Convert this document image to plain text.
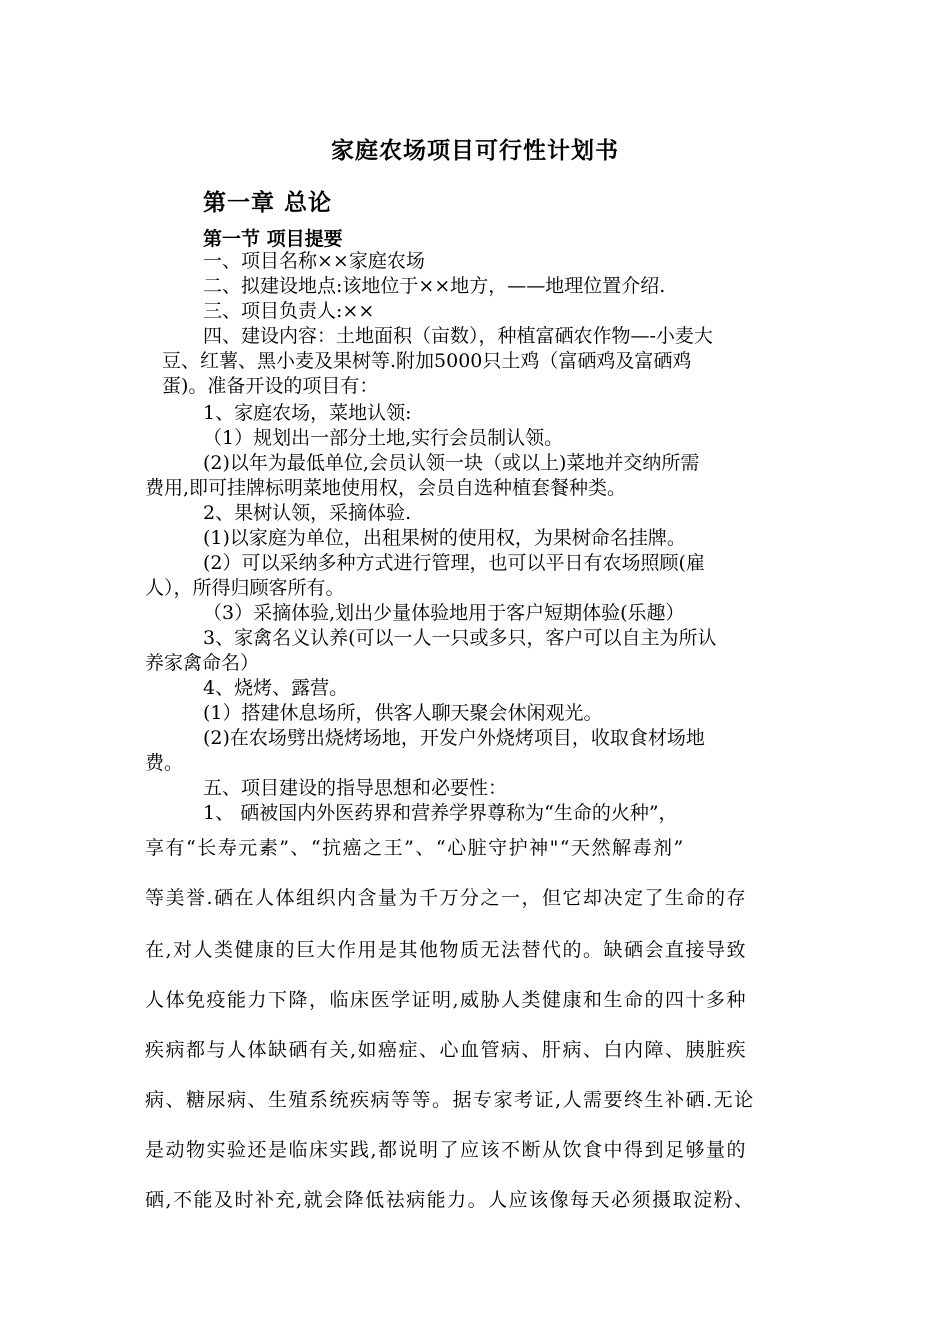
家庭农场项目可行性计划书
第一章 总论
第一节 项目提要
一、项目名称××家庭农场
二、拟建设地点:该地位于××地方，——地理位置介绍.
三、项目负责人:××
四、建设内容：土地面积（亩数），种植富硒农作物—-小麦大
豆、红薯、黑小麦及果树等.附加5000只土鸡（富硒鸡及富硒鸡
蛋)。准备开设的项目有：
1、家庭农场，菜地认领:
（1）规划出一部分土地,实行会员制认领。
(2)以年为最低单位,会员认领一块（或以上)菜地并交纳所需
费用,即可挂牌标明菜地使用权，会员自选种植套餐种类。
2、果树认领，采摘体验.
(1)以家庭为单位，出租果树的使用权，为果树命名挂牌。
(2）可以采纳多种方式进行管理，也可以平日有农场照顾(雇
人），所得归顾客所有。
（3）采摘体验,划出少量体验地用于客户短期体验(乐趣）
3、家禽名义认养(可以一人一只或多只，客户可以自主为所认
养家禽命名）
4、烧烤、露营。
(1）搭建休息场所，供客人聊天聚会休闲观光。
(2)在农场劈出烧烤场地，开发户外烧烤项目，收取食材场地
费。
五、项目建设的指导思想和必要性：
1、 硒被国内外医药界和营养学界尊称为“生命的火种”，
享有“长寿元素”、“抗癌之王”、“心脏守护神"“天然解毒剂”
等美誉.硒在人体组织内含量为千万分之一，但它却决定了生命的存
在,对人类健康的巨大作用是其他物质无法替代的。缺硒会直接导致
人体免疫能力下降，临床医学证明,威胁人类健康和生命的四十多种
疾病都与人体缺硒有关,如癌症、心血管病、肝病、白内障、胰脏疾
病、糖尿病、生殖系统疾病等等。据专家考证,人需要终生补硒.无论
是动物实验还是临床实践,都说明了应该不断从饮食中得到足够量的
硒,不能及时补充,就会降低祛病能力。人应该像每天必须摄取淀粉、
